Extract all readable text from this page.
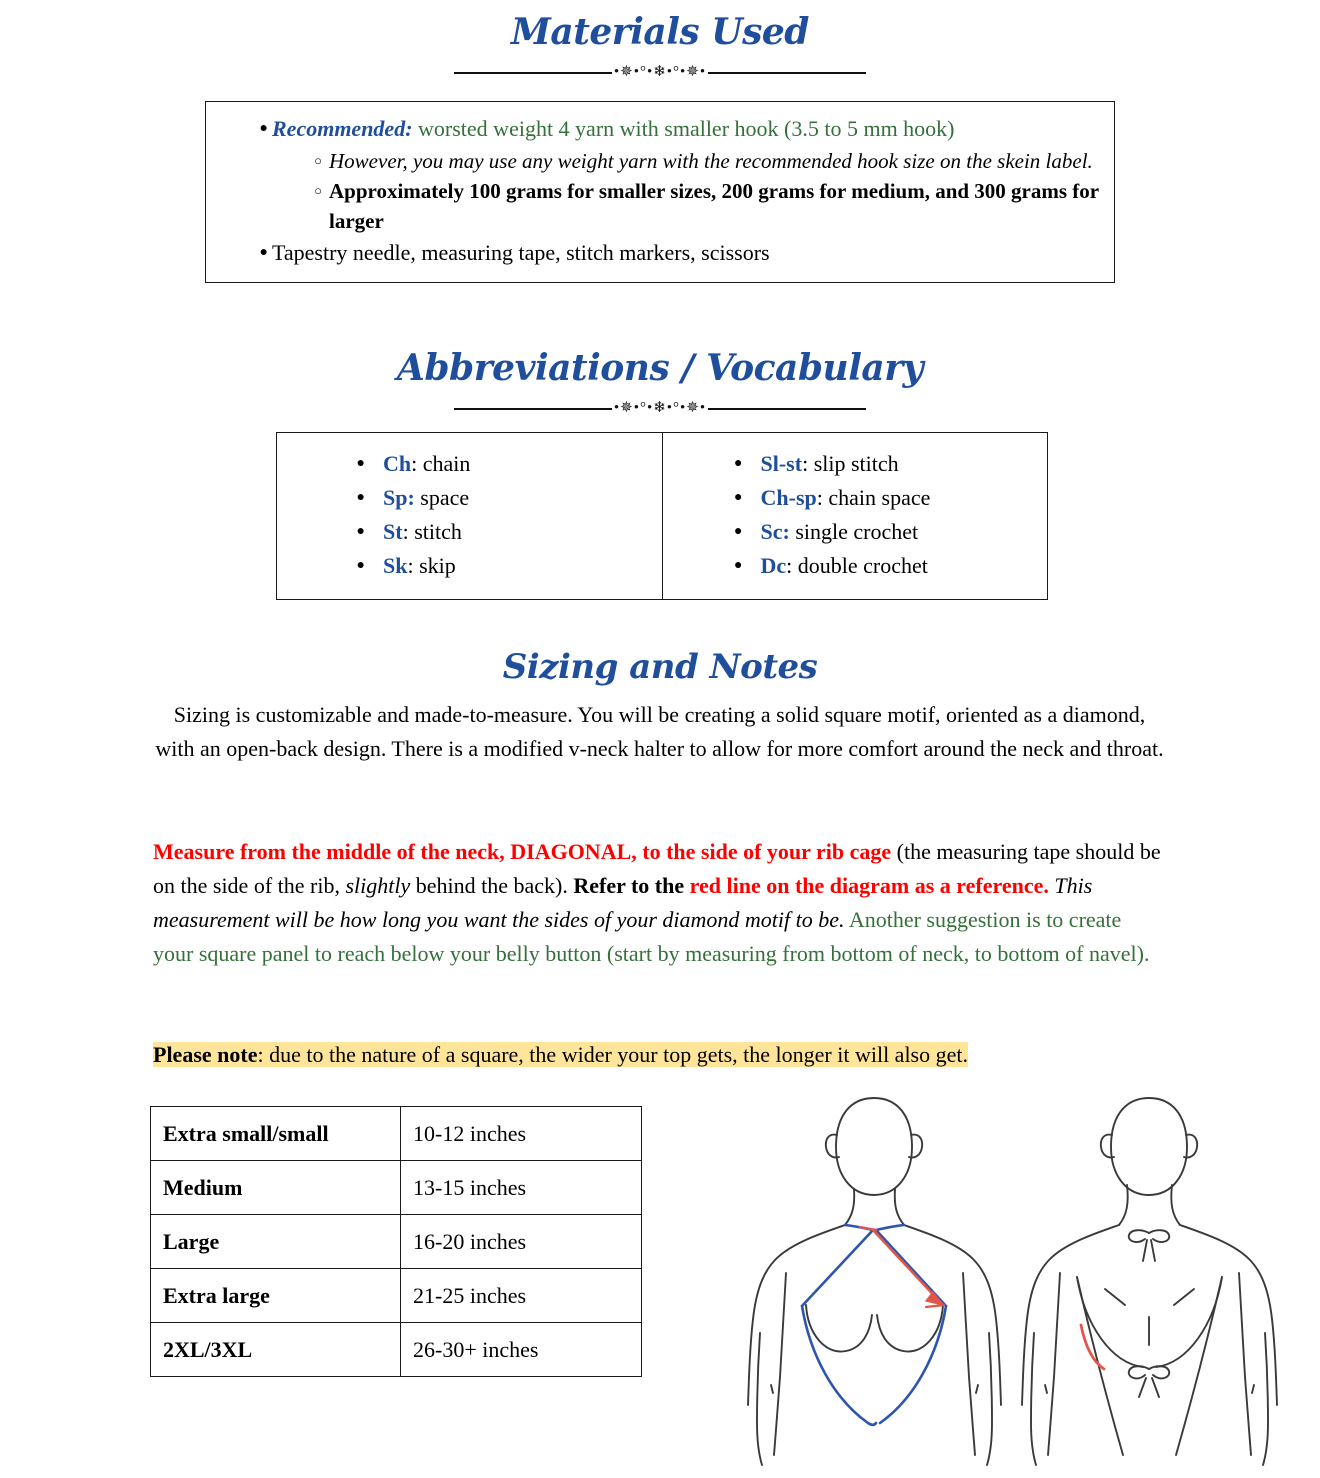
Materials Used
•✵•°•❄•°•✵•
● Recommended: worsted weight 4 yarn with smaller hook (3.5 to 5 mm hook)
○ However, you may use any weight yarn with the recommended hook size on the skein label.
○ Approximately 100 grams for smaller sizes, 200 grams for medium, and 300 grams for larger
● Tapestry needle, measuring tape, stitch markers, scissors
Abbreviations / Vocabulary
•✵•°•❄•°•✵•
● Ch: chain
● Sp: space
● St: stitch
● Sk: skip

● Sl-st: slip stitch
● Ch-sp: chain space
● Sc: single crochet
● Dc: double crochet
Sizing and Notes
Sizing is customizable and made-to-measure. You will be creating a solid square motif, oriented as a diamond, with an open-back design. There is a modified v-neck halter to allow for more comfort around the neck and throat.
Measure from the middle of the neck, DIAGONAL, to the side of your rib cage (the measuring tape should be on the side of the rib, slightly behind the back). Refer to the red line on the diagram as a reference. This measurement will be how long you want the sides of your diamond motif to be. Another suggestion is to create your square panel to reach below your belly button (start by measuring from bottom of neck, to bottom of navel).
Please note: due to the nature of a square, the wider your top gets, the longer it will also get.
Extra small/small	10-12 inches
Medium	13-15 inches
Large	16-20 inches
Extra large	21-25 inches
2XL/3XL	26-30+ inches
